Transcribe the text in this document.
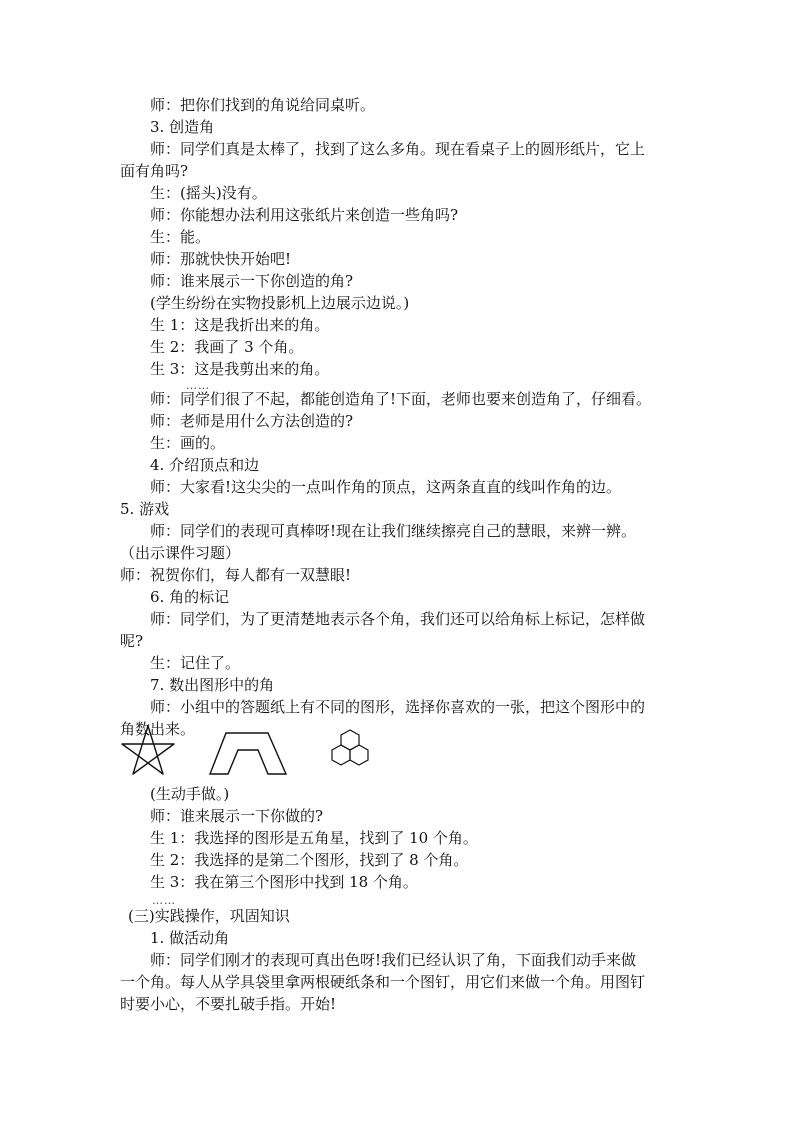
师：把你们找到的角说给同桌听。
3. 创造角
师：同学们真是太棒了，找到了这么多角。现在看桌子上的圆形纸片，它上
面有角吗?
生：(摇头)没有。
师：你能想办法利用这张纸片来创造一些角吗?
生：能。
师：那就快快开始吧!
师：谁来展示一下你创造的角?
(学生纷纷在实物投影机上边展示边说。)
生 1：这是我折出来的角。
生 2：我画了 3 个角。
生 3：这是我剪出来的角。
……
师：同学们很了不起，都能创造角了!下面，老师也要来创造角了，仔细看。
师：老师是用什么方法创造的?
生：画的。
4. 介绍顶点和边
师：大家看!这尖尖的一点叫作角的顶点，这两条直直的线叫作角的边。
5. 游戏
师：同学们的表现可真棒呀!现在让我们继续擦亮自己的慧眼，来辨一辨。
（出示课件习题）
师：祝贺你们，每人都有一双慧眼!
6. 角的标记
师：同学们，为了更清楚地表示各个角，我们还可以给角标上标记，怎样做
呢?
生：记住了。
7. 数出图形中的角
师：小组中的答题纸上有不同的图形，选择你喜欢的一张，把这个图形中的
角数出来。
(生动手做。)
师：谁来展示一下你做的?
生 1：我选择的图形是五角星，找到了 10 个角。
生 2：我选择的是第二个图形，找到了 8 个角。
生 3：我在第三个图形中找到 18 个角。
……
(三)实践操作，巩固知识
1. 做活动角
师：同学们刚才的表现可真出色呀!我们已经认识了角，下面我们动手来做
一个角。每人从学具袋里拿两根硬纸条和一个图钉，用它们来做一个角。用图钉
时要小心，不要扎破手指。开始!
